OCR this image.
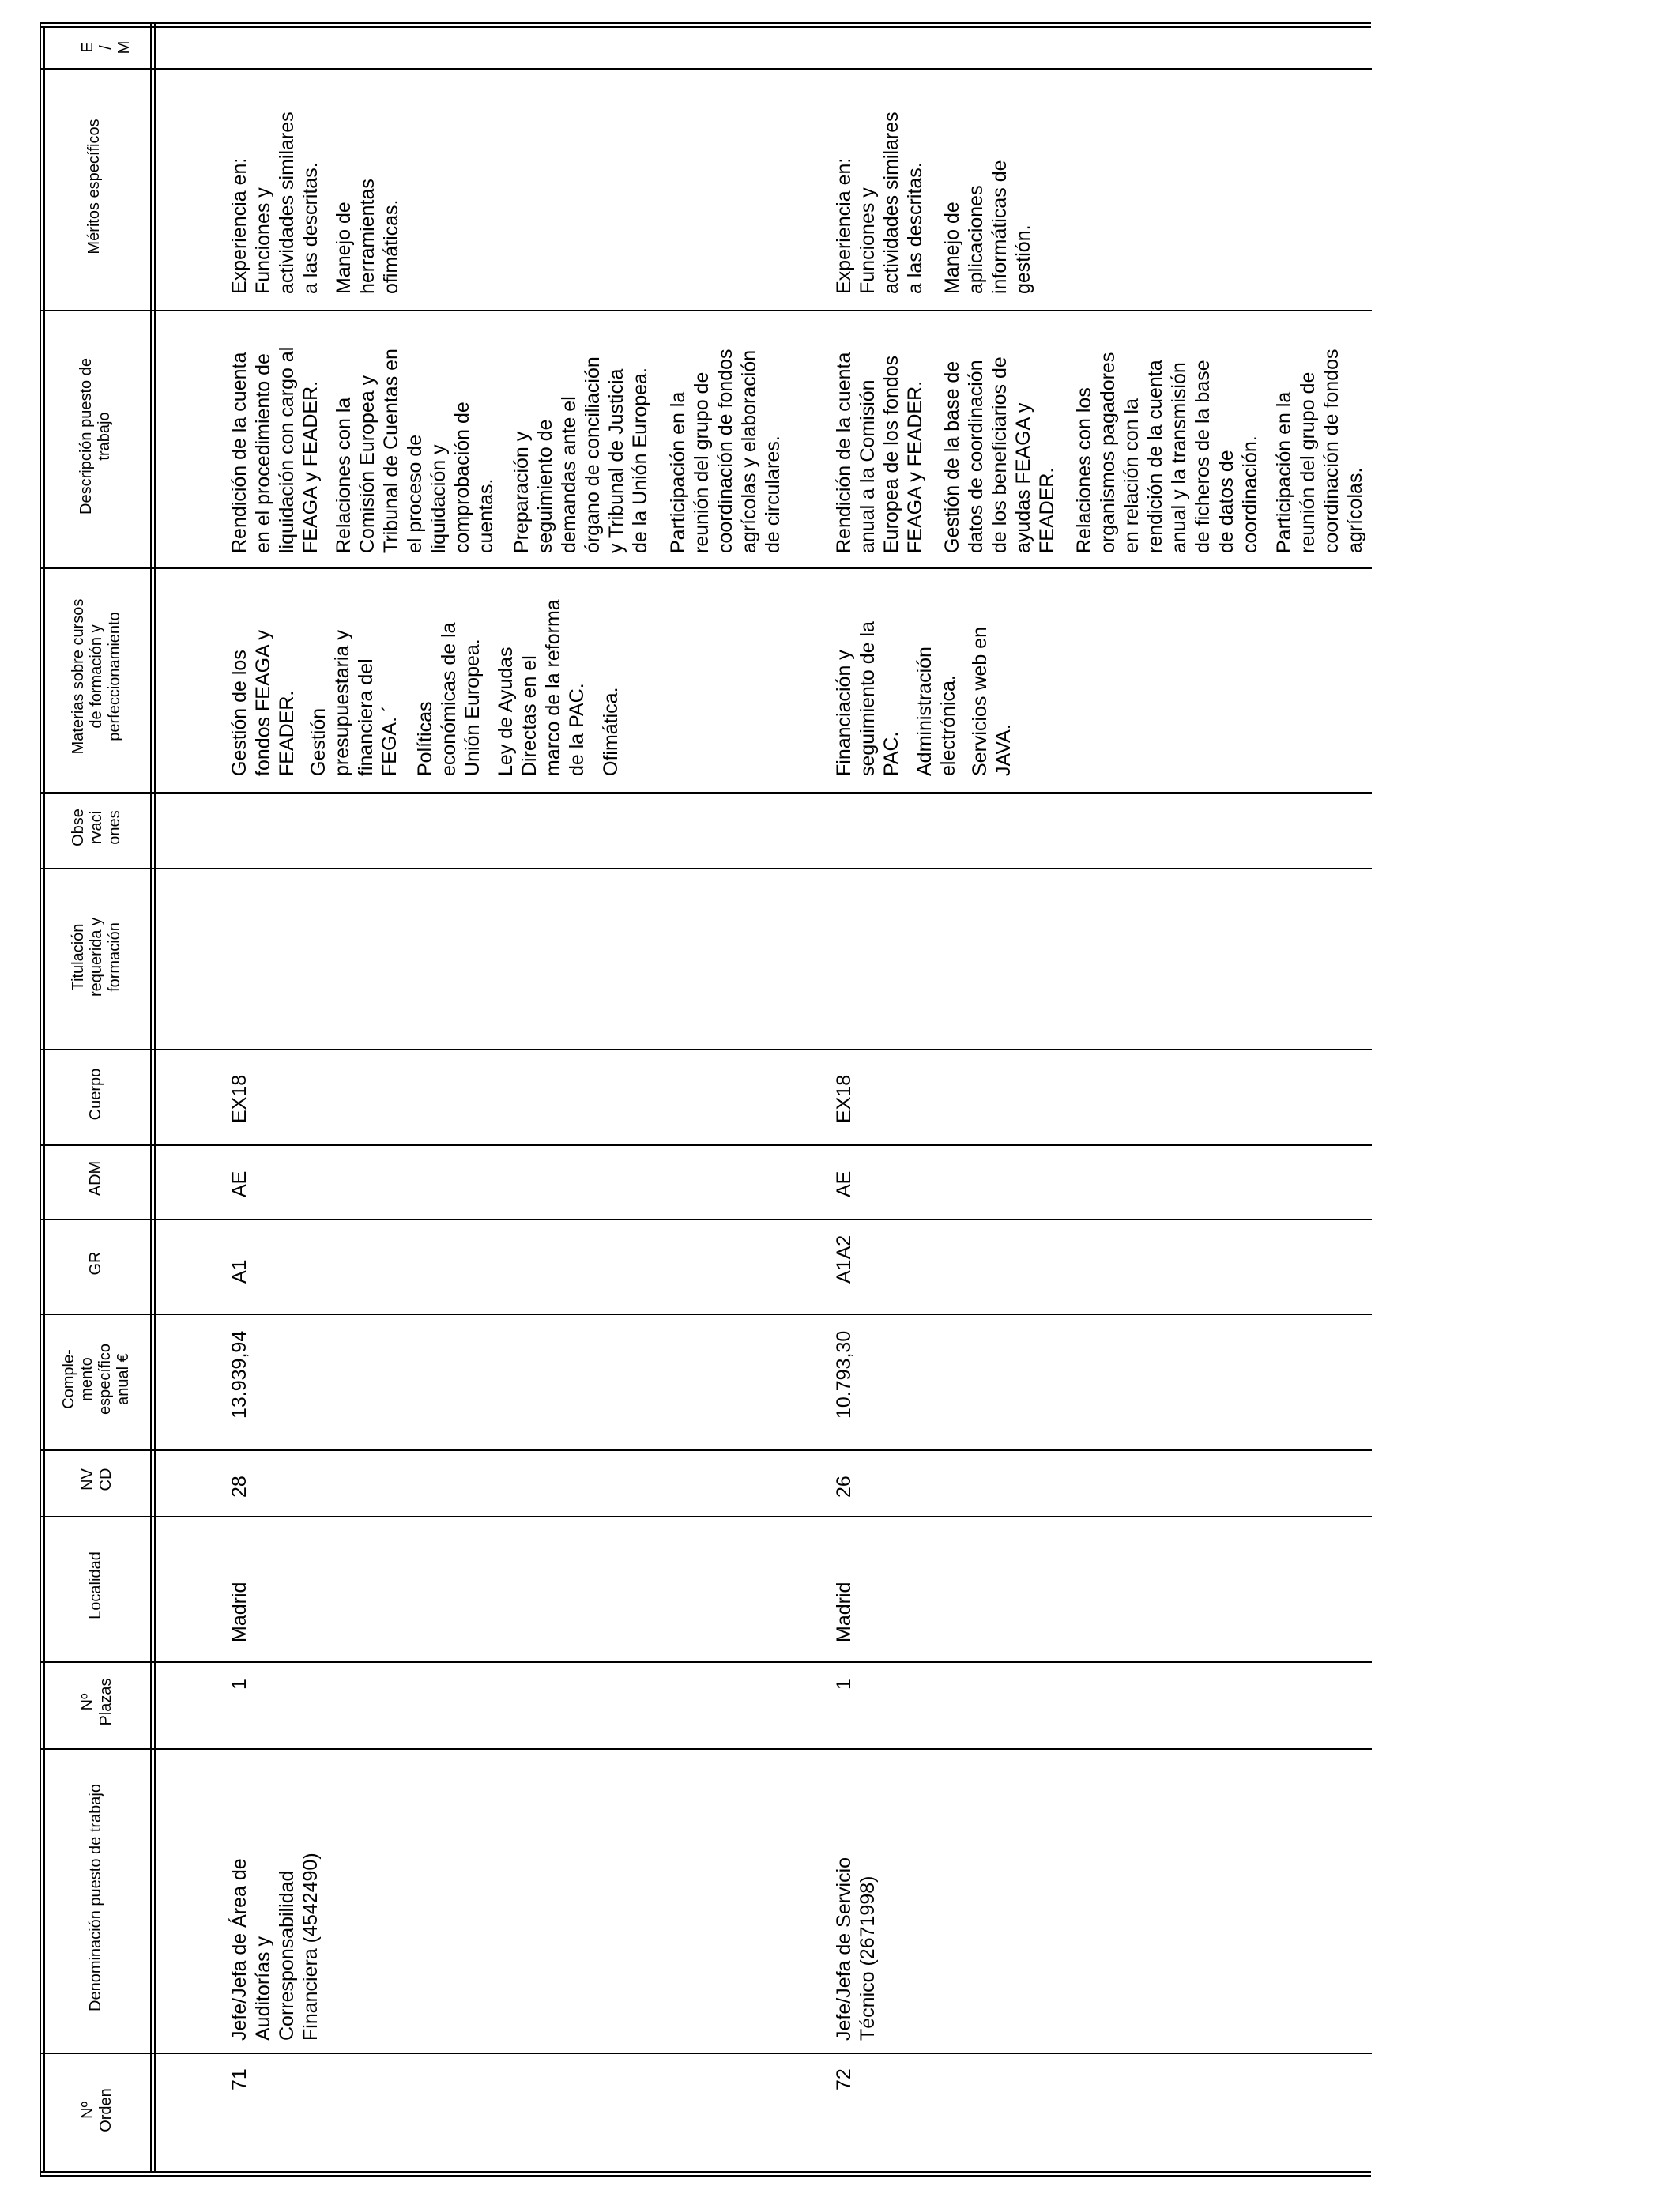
E / M
Méritos específicos
Descripción puesto de trabajo
Materias sobre cursos de formación y perfeccionamiento
Obse rvaci ones
Titulación requerida y formación
Cuerpo
ADM
GR
Comple- mento específico anual €
NV CD
Localidad
Nº Plazas
Denominación puesto de trabajo
Nº Orden
71
Jefe/Jefa de Área de Auditorías y Corresponsabilidad Financiera (4542490)
1
Madrid
28
13.939,94
A1
AE
EX18
Gestión de los fondos FEAGA y FEADER. Gestión presupuestaria y financiera del FEGA. ´ Políticas económicas de la Unión Europea. Ley de Ayudas Directas en el marco de la reforma de la PAC. Ofimática.
Rendición de la cuenta en el procedimiento de liquidación con cargo al FEAGA y FEADER. Relaciones con la Comisión Europea y Tribunal de Cuentas en el proceso de liquidación y comprobación de cuentas. Preparación y seguimiento de demandas ante el órgano de conciliación y Tribunal de Justicia de la Unión Europea. Participación en la reunión del grupo de coordinación de fondos agrícolas y elaboración de circulares.
Experiencia en: Funciones y actividades similares a las descritas. Manejo de herramientas ofimáticas.
72
Jefe/Jefa de Servicio Técnico (2671998)
1
Madrid
26
10.793,30
A1A2
AE
EX18
Financiación y seguimiento de la PAC. Administración electrónica. Servicios web en JAVA.
Rendición de la cuenta anual a la Comisión Europea de los fondos FEAGA y FEADER. Gestión de la base de datos de coordinación de los beneficiarios de ayudas FEAGA y FEADER. Relaciones con los organismos pagadores en relación con la rendición de la cuenta anual y la transmisión de ficheros de la base de datos de coordinación. Participación en la reunión del grupo de coordinación de fondos agrícolas.
Experiencia en: Funciones y actividades similares a las descritas. Manejo de aplicaciones informáticas de gestión.
